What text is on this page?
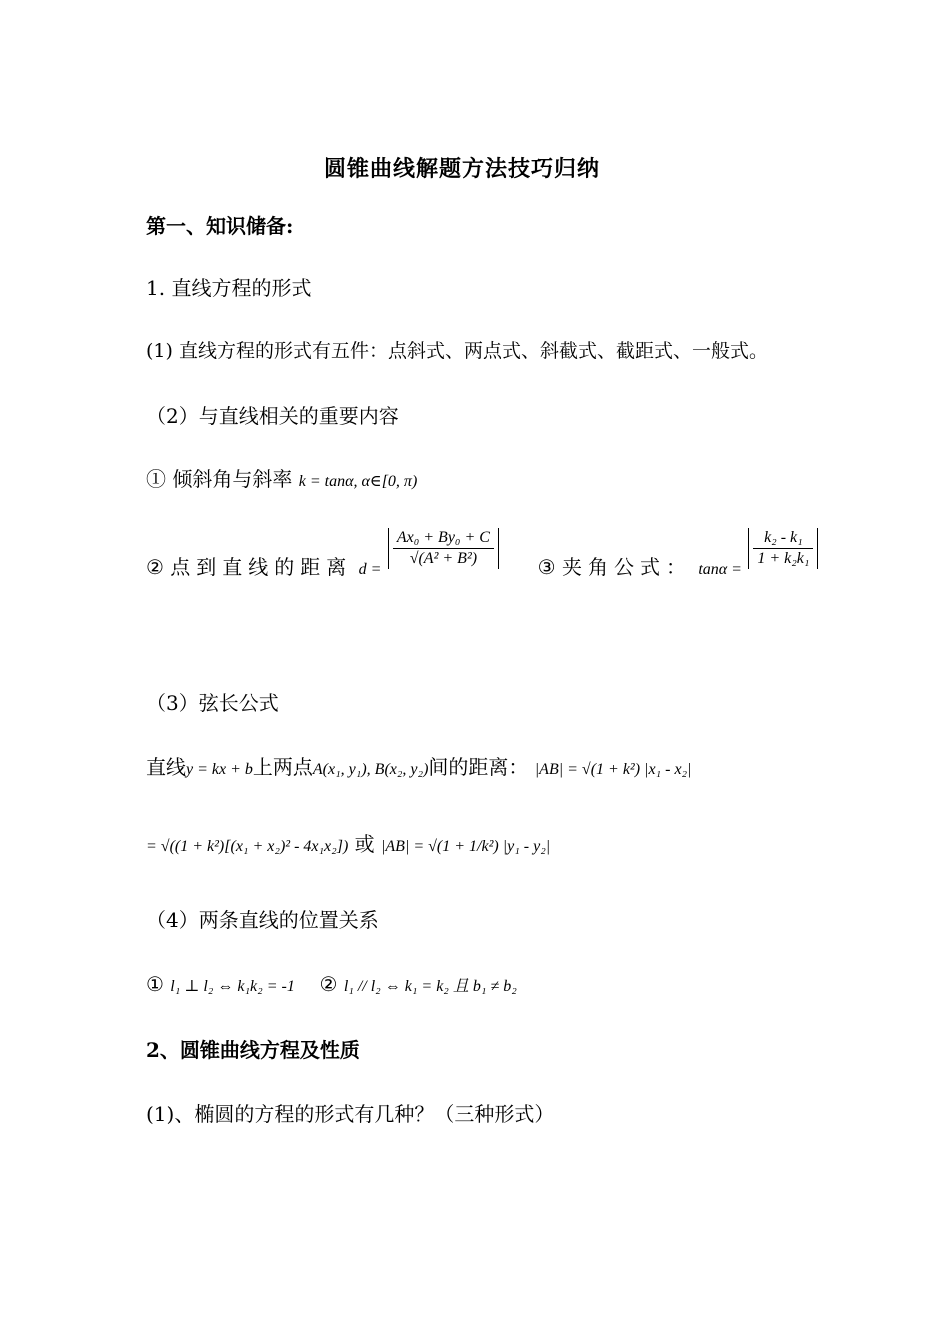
圆锥曲线解题方法技巧归纳
第一、知识储备:
1. 直线方程的形式
(1) 直线方程的形式有五件：点斜式、两点式、斜截式、截距式、一般式。
（2）与直线相关的重要内容
① 倾斜角与斜率 k = tanα, α∈[0, π)
② 点到直线的距离 $_{d =}$
$\frac{\text{Ax₀ + By₀ + C}}{\text{√(A² + B²)}}$ ③ 夹角公式： $_{tan\alpha =}$
$\frac{\text{k₂ - k₁}}{\text{1 + k₂k₁}}$
（3）弦长公式
直线y = kx + b上两点A(x₁, y₁), B(x₂, y₂)间的距离： |AB| = √(1 + k²) |x₁ - x₂|
= √((1 + k²)[(x₁ + x₂)² - 4x₁x₂]) 或 |AB| = √(1 + 1/k²) |y₁ - y₂|
（4）两条直线的位置关系
① l₁ ⊥ l₂ ⇔ k₁k₂ = -1 ② l₁ // l₂ ⇔ k₁ = k₂ 且 b₁ ≠ b₂
2、圆锥曲线方程及性质
(1)、椭圆的方程的形式有几种？（三种形式）
